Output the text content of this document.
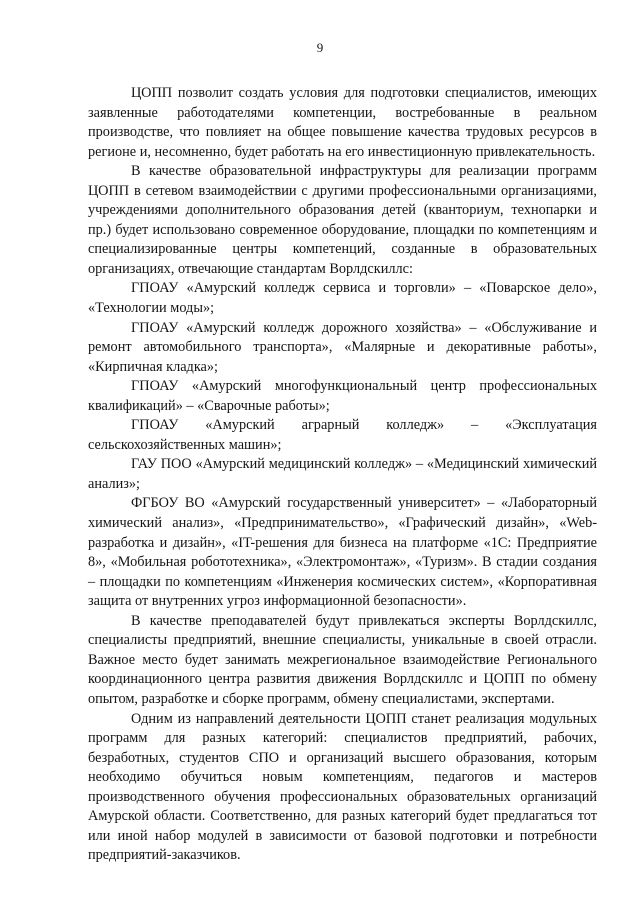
9

ЦОПП позволит создать условия для подготовки специалистов, имеющих заявленные работодателями компетенции, востребованные в реальном производстве, что повлияет на общее повышение качества трудовых ресурсов в регионе и, несомненно, будет работать на его инвестиционную привлекательность.

В качестве образовательной инфраструктуры для реализации программ ЦОПП в сетевом взаимодействии с другими профессиональными организациями, учреждениями дополнительного образования детей (кванториум, технопарки и пр.) будет использовано современное оборудование, площадки по компетенциям и специализированные центры компетенций, созданные в образовательных организациях, отвечающие стандартам Ворлдскиллс:

ГПОАУ «Амурский колледж сервиса и торговли» – «Поварское дело», «Технологии моды»;

ГПОАУ «Амурский колледж дорожного хозяйства» – «Обслуживание и ремонт автомобильного транспорта», «Малярные и декоративные работы», «Кирпичная кладка»;

ГПОАУ «Амурский многофункциональный центр профессиональных квалификаций» – «Сварочные работы»;

ГПОАУ «Амурский аграрный колледж» – «Эксплуатация сельскохозяйственных машин»;

ГАУ ПОО «Амурский медицинский колледж» – «Медицинский химический анализ»;

ФГБОУ ВО «Амурский государственный университет» – «Лабораторный химический анализ», «Предпринимательство», «Графический дизайн», «Web-разработка и дизайн», «IT-решения для бизнеса на платформе «1С: Предприятие 8», «Мобильная робототехника», «Электромонтаж», «Туризм». В стадии создания – площадки по компетенциям «Инженерия космических систем», «Корпоративная защита от внутренних угроз информационной безопасности».

В качестве преподавателей будут привлекаться эксперты Ворлдскиллс, специалисты предприятий, внешние специалисты, уникальные в своей отрасли. Важное место будет занимать межрегиональное взаимодействие Регионального координационного центра развития движения Ворлдскиллс и ЦОПП по обмену опытом, разработке и сборке программ, обмену специалистами, экспертами.

Одним из направлений деятельности ЦОПП станет реализация модульных программ для разных категорий: специалистов предприятий, рабочих, безработных, студентов СПО и организаций высшего образования, которым необходимо обучиться новым компетенциям, педагогов и мастеров производственного обучения профессиональных образовательных организаций Амурской области. Соответственно, для разных категорий будет предлагаться тот или иной набор модулей в зависимости от базовой подготовки и потребности предприятий-заказчиков.
